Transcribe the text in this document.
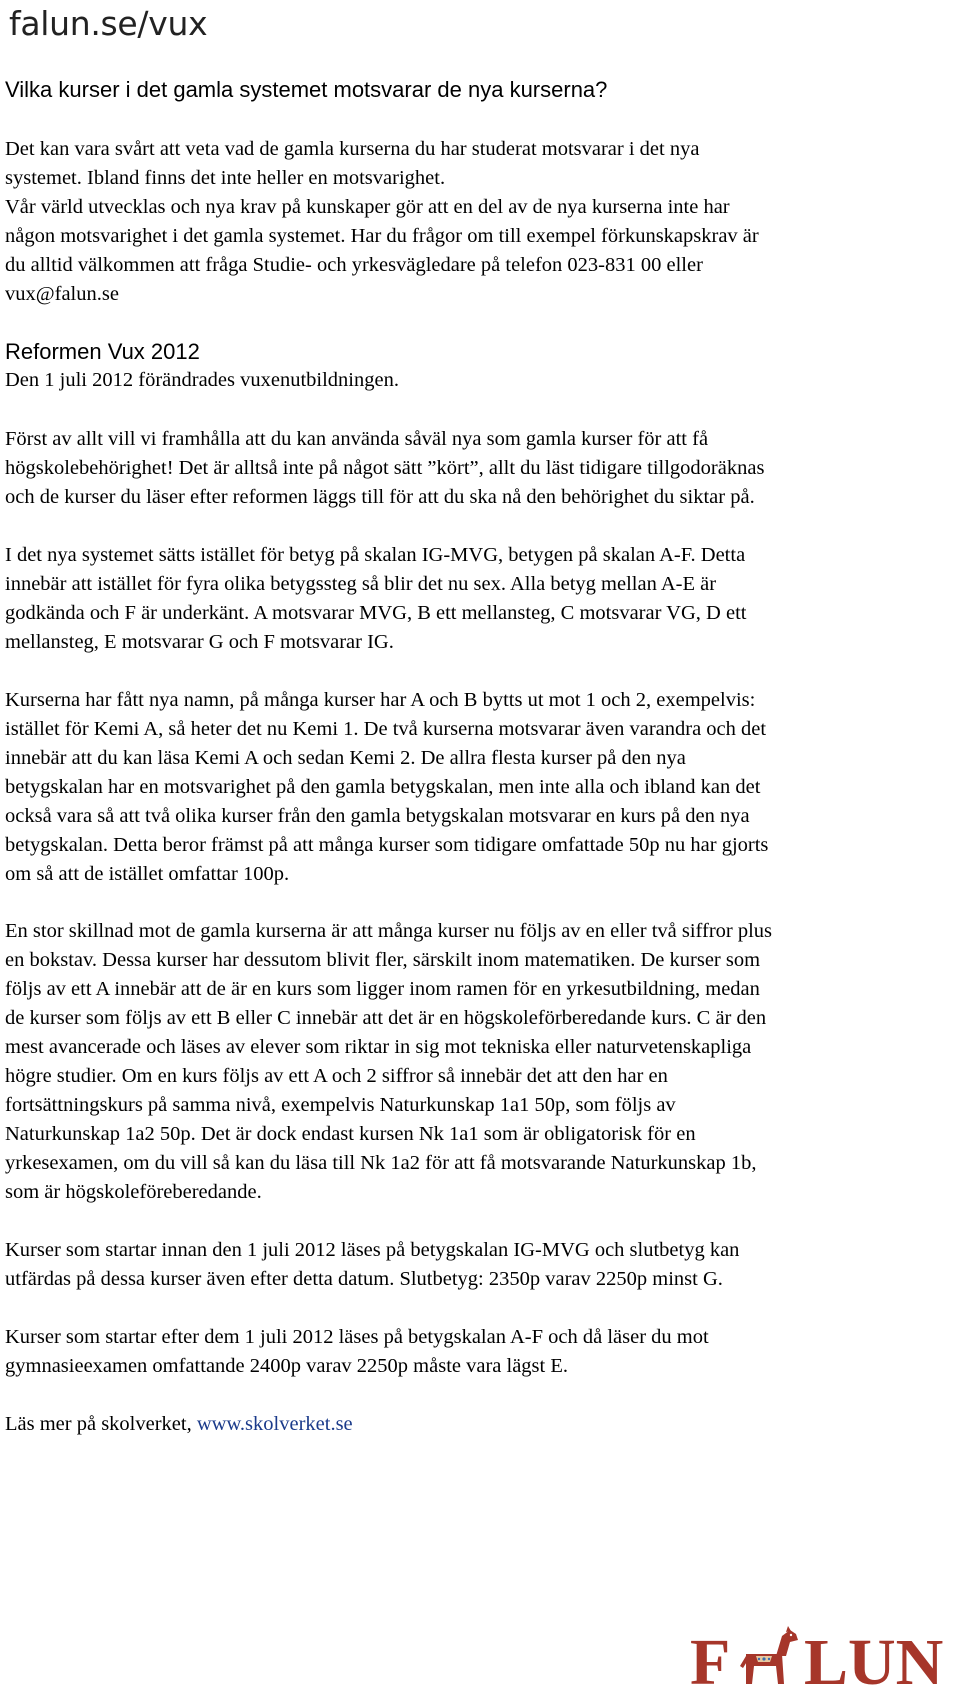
falun.se/vux
Vilka kurser i det gamla systemet motsvarar de nya kurserna?
Det kan vara svårt att veta vad de gamla kurserna du har studerat motsvarar i det nya
systemet. Ibland finns det inte heller en motsvarighet.
Vår värld utvecklas och nya krav på kunskaper gör att en del av de nya kurserna inte har
någon motsvarighet i det gamla systemet. Har du frågor om till exempel förkunskapskrav är
du alltid välkommen att fråga Studie- och yrkesvägledare på telefon 023-831 00 eller
vux@falun.se
Reformen Vux 2012
Den 1 juli 2012 förändrades vuxenutbildningen.
Först av allt vill vi framhålla att du kan använda såväl nya som gamla kurser för att få
högskolebehörighet! Det är alltså inte på något sätt ”kört”, allt du läst tidigare tillgodoräknas
och de kurser du läser efter reformen läggs till för att du ska nå den behörighet du siktar på.
I det nya systemet sätts istället för betyg på skalan IG-MVG, betygen på skalan A-F. Detta
innebär att istället för fyra olika betygssteg så blir det nu sex. Alla betyg mellan A-E är
godkända och F är underkänt. A motsvarar MVG, B ett mellansteg, C motsvarar VG, D ett
mellansteg, E motsvarar G och F motsvarar IG.
Kurserna har fått nya namn, på många kurser har A och B bytts ut mot 1 och 2, exempelvis:
istället för Kemi A, så heter det nu Kemi 1. De två kurserna motsvarar även varandra och det
innebär att du kan läsa Kemi A och sedan Kemi 2. De allra flesta kurser på den nya
betygskalan har en motsvarighet på den gamla betygskalan, men inte alla och ibland kan det
också vara så att två olika kurser från den gamla betygskalan motsvarar en kurs på den nya
betygskalan. Detta beror främst på att många kurser som tidigare omfattade 50p nu har gjorts
om så att de istället omfattar 100p.
En stor skillnad mot de gamla kurserna är att många kurser nu följs av en eller två siffror plus
en bokstav. Dessa kurser har dessutom blivit fler, särskilt inom matematiken. De kurser som
följs av ett A innebär att de är en kurs som ligger inom ramen för en yrkesutbildning, medan
de kurser som följs av ett B eller C innebär att det är en högskoleförberedande kurs. C är den
mest avancerade och läses av elever som riktar in sig mot tekniska eller naturvetenskapliga
högre studier. Om en kurs följs av ett A och 2 siffror så innebär det att den har en
fortsättningskurs på samma nivå, exempelvis Naturkunskap 1a1 50p, som följs av
Naturkunskap 1a2 50p. Det är dock endast kursen Nk 1a1 som är obligatorisk för en
yrkesexamen, om du vill så kan du läsa till Nk 1a2 för att få motsvarande Naturkunskap 1b,
som är högskoleföreberedande.
Kurser som startar innan den 1 juli 2012 läses på betygskalan IG-MVG och slutbetyg kan
utfärdas på dessa kurser även efter detta datum. Slutbetyg: 2350p varav 2250p minst G.
Kurser som startar efter dem 1 juli 2012 läses på betygskalan A-F och då läser du mot
gymnasieexamen omfattande 2400p varav 2250p måste vara lägst E.
Läs mer på skolverket, www.skolverket.se
F LUN
